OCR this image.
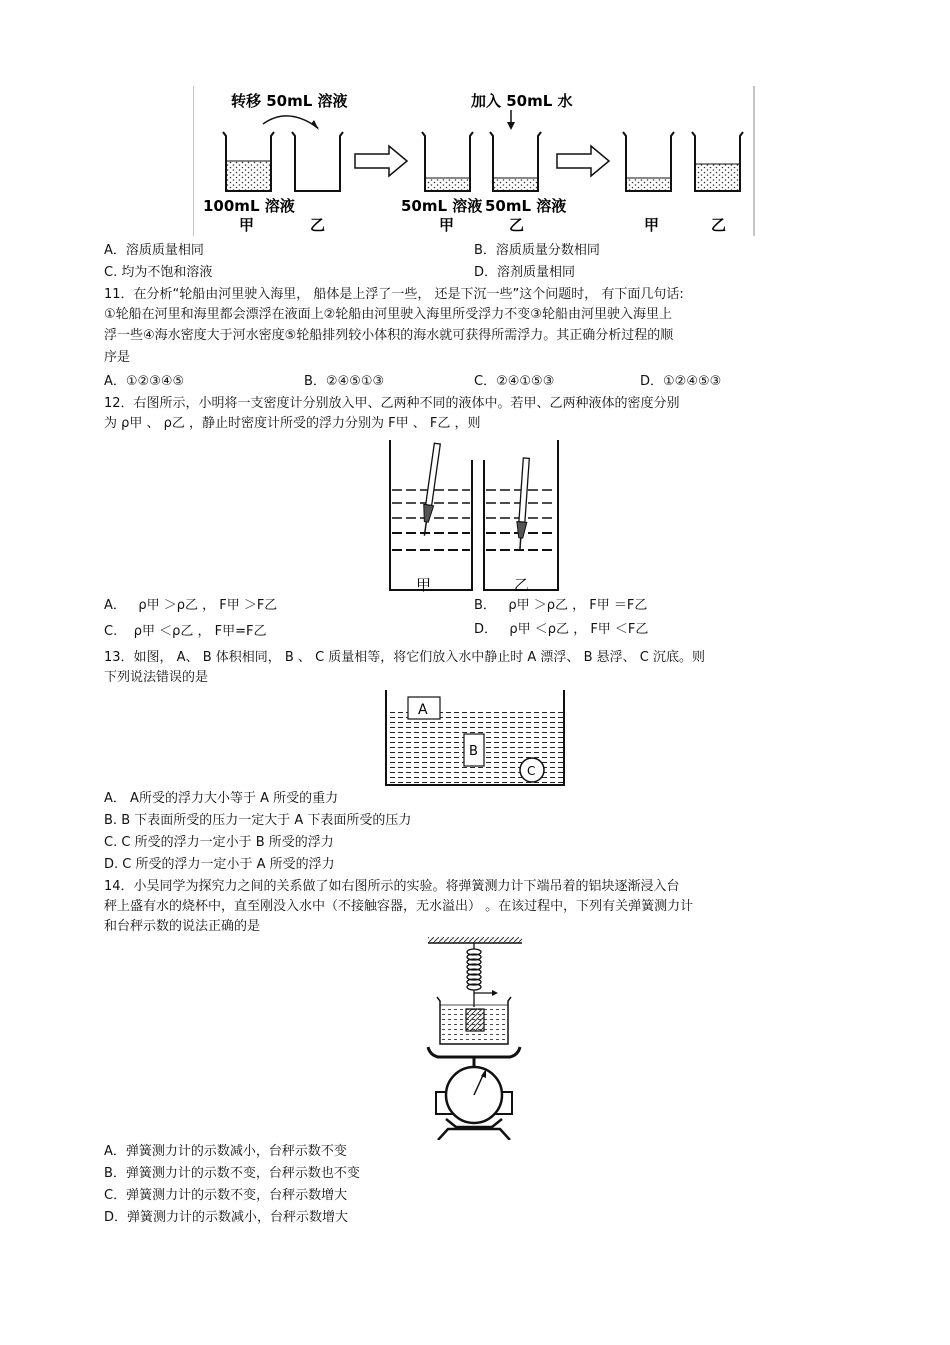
转移 50mL 溶液	加入 50mL 水
100mL 溶液
甲	乙
50mL 溶液
甲
50mL 溶液
乙	甲	乙
A．溶质质量相同	B．溶质质量分数相同
C. 均为不饱和溶液	D．溶剂质量相同
11．在分析“轮船由河里驶入海里， 船体是上浮了一些， 还是下沉一些”这个问题时， 有下面几句话:
①轮船在河里和海里都会漂浮在液面上②轮船由河里驶入海里所受浮力不变③轮船由河里驶入海里上
浮一些④海水密度大于河水密度⑤轮船排列较小体积的海水就可获得所需浮力。其正确分析过程的顺
序是
A．①②③④⑤	B．②④⑤①③	C．②④①⑤③	D．①②④⑤③
12．右图所示，小明将一支密度计分别放入甲、乙两种不同的液体中。若甲、乙两种液体的密度分别
为 ρ甲 、 ρ乙 ，静止时密度计所受的浮力分别为 F甲 、 F乙 ，则
甲	乙
A． ρ甲 ＞ρ乙 ， F甲 ＞F乙	B． ρ甲 ＞ρ乙 ， F甲 ＝F乙
C. ρ甲 ＜ρ乙 ， F甲=F乙	D． ρ甲 ＜ρ乙 ， F甲 ＜F乙
13．如图， A、 B 体积相同， B 、 C 质量相等，将它们放入水中静止时 A 漂浮、 B 悬浮、 C 沉底。则
下列说法错误的是
A
B
C
A． A所受的浮力大小等于 A 所受的重力
B. B 下表面所受的压力一定大于 A 下表面所受的压力
C. C 所受的浮力一定小于 B 所受的浮力
D. C 所受的浮力一定小于 A 所受的浮力
14．小吴同学为探究力之间的关系做了如右图所示的实验。将弹簧测力计下端吊着的铝块逐渐浸入台
秤上盛有水的烧杯中，直至刚没入水中（不接触容器，无水溢出） 。在该过程中，下列有关弹簧测力计
和台秤示数的说法正确的是
A．弹簧测力计的示数减小，台秤示数不变
B．弹簧测力计的示数不变，台秤示数也不变
C．弹簧测力计的示数不变，台秤示数增大
D．弹簧测力计的示数减小，台秤示数增大
